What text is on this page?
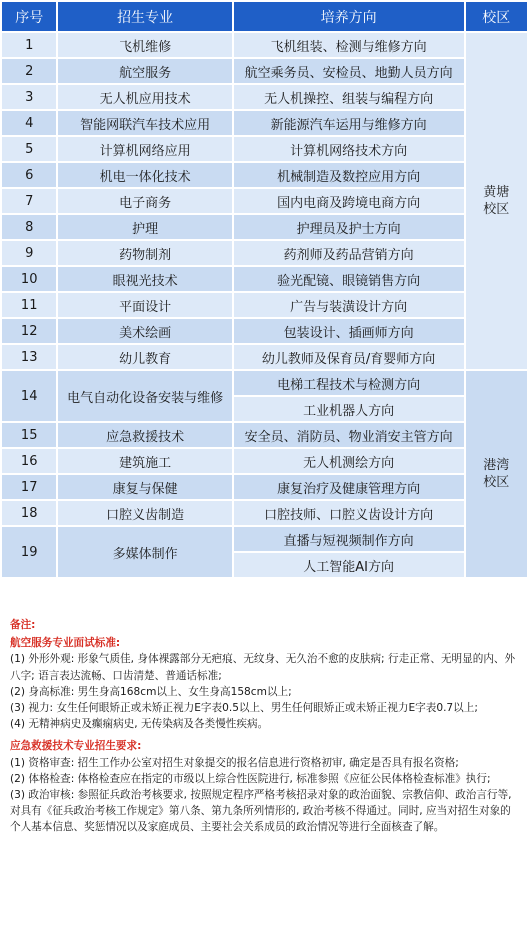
序号	招生专业	培养方向	校区
1	飞机维修	飞机组装、检测与维修方向	黄塘
校区

2	航空服务	航空乘务员、安检员、地勤人员方向	
3	无人机应用技术	无人机操控、组装与编程方向	
4	智能网联汽车技术应用	新能源汽车运用与维修方向	
5	计算机网络应用	计算机网络技术方向	
6	机电一体化技术	机械制造及数控应用方向	
7	电子商务	国内电商及跨境电商方向	
8	护理	护理员及护士方向	
9	药物制剂	药剂师及药品营销方向	
10	眼视光技术	验光配镜、眼镜销售方向	
11	平面设计	广告与装潢设计方向	
12	美术绘画	包装设计、插画师方向	
13	幼儿教育	幼儿教师及保育员/育婴师方向	
14	电气自动化设备安装与维修	电梯工程技术与检测方向	港湾
校区

		工业机器人方向	
15	应急救援技术	安全员、消防员、物业消安主管方向	
16	建筑施工	无人机测绘方向	
17	康复与保健	康复治疗及健康管理方向	
18	口腔义齿制造	口腔技师、口腔义齿设计方向	
19	多媒体制作	直播与短视频制作方向	
		人工智能AI方向	
备注:
航空服务专业面试标准:

(1) 外形外观: 形象气质佳, 身体裸露部分无疤痕、无纹身、无久治不愈的皮肤病; 行走正常、无明显的内、外八字; 语言表达流畅、口齿清楚、普通话标准;

(2) 身高标准: 男生身高168cm以上、女生身高158cm以上;

(3) 视力: 女生任何眼矫正或未矫正视力E字表0.5以上、男生任何眼矫正或未矫正视力E字表0.7以上;

(4) 无精神病史及癫痫病史, 无传染病及各类慢性疾病。

应急救援技术专业招生要求:

(1) 资格审查: 招生工作办公室对招生对象提交的报名信息进行资格初审, 确定是否具有报名资格;

(2) 体格检查: 体格检查应在指定的市级以上综合性医院进行, 标准参照《应征公民体格检查标准》执行;

(3) 政治审核: 参照征兵政治考核要求, 按照规定程序严格考核招录对象的政治面貌、宗教信仰、政治言行等, 对具有《征兵政治考核工作规定》第八条、第九条所列情形的, 政治考核不得通过。同时, 应当对招生对象的个人基本信息、奖惩情况以及家庭成员、主要社会关系成员的政治情况等进行全面核查了解。
